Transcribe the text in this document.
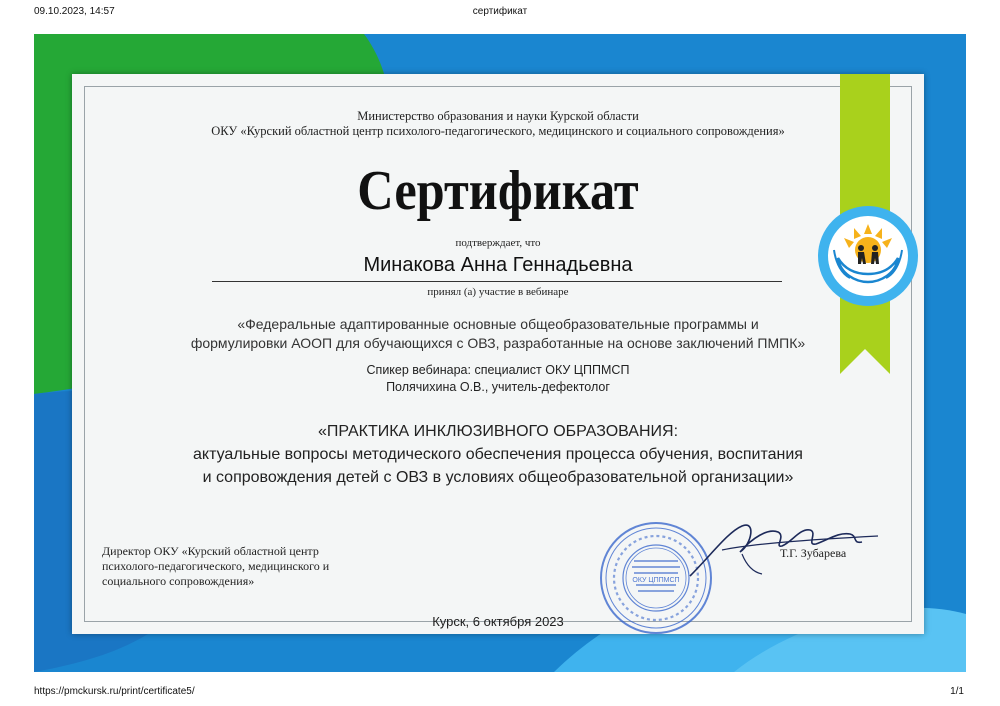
09.10.2023, 14:57	сертификат
Министерство образования и науки Курской области
ОКУ «Курский областной центр психолого-педагогического, медицинского и социального сопровождения»
Сертификат
подтверждает, что
Минакова Анна Геннадьевна
принял (а) участие в вебинаре
«Федеральные адаптированные основные общеобразовательные программы и
формулировки АООП для обучающихся с ОВЗ, разработанные на основе заключений ПМПК»
Спикер вебинара: специалист ОКУ ЦППМСП
Полячихина О.В., учитель-дефектолог
«ПРАКТИКА ИНКЛЮЗИВНОГО ОБРАЗОВАНИЯ:
актуальные вопросы методического обеспечения процесса обучения, воспитания
и сопровождения детей с ОВЗ в условиях общеобразовательной организации»
Директор ОКУ «Курский областной центр
психолого-педагогического, медицинского и
социального сопровождения»	ОКУ ЦППМСП
Т.Г. Зубарева
Курск, 6 октября 2023
https://pmckursk.ru/print/certificate5/	1/1
